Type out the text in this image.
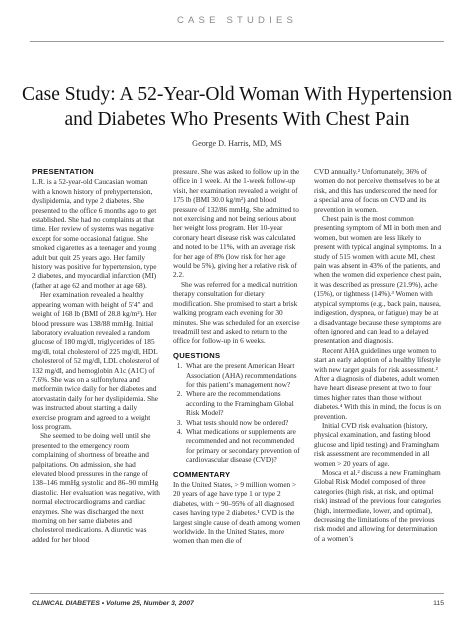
CASE STUDIES
Case Study: A 52-Year-Old Woman With Hypertension
and Diabetes Who Presents With Chest Pain
George D. Harris, MD, MS
PRESENTATION

L.R. is a 52-year-old Caucasian woman with a known history of prehypertension, dyslipidemia, and type 2 diabetes. She presented to the office 6 months ago to get established. She had no complaints at that time. Her review of systems was negative except for some occasional fatigue. She smoked cigarettes as a teenager and young adult but quit 25 years ago. Her family history was positive for hypertension, type 2 diabetes, and myocardial infarction (MI) (father at age 62 and mother at age 68).

Her examination revealed a healthy appearing woman with height of 5′4″ and weight of 168 lb (BMI of 28.8 kg/m²). Her blood pressure was 138/88 mmHg. Initial laboratory evaluation revealed a random glucose of 180 mg/dl, triglycerides of 185 mg/dl, total cholesterol of 225 mg/dl, HDL cholesterol of 52 mg/dl, LDL cholesterol of 132 mg/dl, and hemoglobin A1c (A1C) of 7.6%. She was on a sulfonylurea and metformin twice daily for her diabetes and atorvastatin daily for her dyslipidemia. She was instructed about starting a daily exercise program and agreed to a weight loss program.

She seemed to be doing well until she presented to the emergency room complaining of shortness of breathe and palpitations. On admission, she had elevated blood pressures in the range of 138–146 mmHg systolic and 86–90 mmHg diastolic. Her evaluation was negative, with normal electrocardiograms and cardiac enzymes. She was discharged the next morning on her same diabetes and cholesterol medications. A diuretic was added for her blood

pressure. She was asked to follow up in the office in 1 week. At the 1-week follow-up visit, her examination revealed a weight of 175 lb (BMI 30.0 kg/m²) and blood pressure of 132/86 mmHg. She admitted to not exercising and not being serious about her weight loss program. Her 10-year coronary heart disease risk was calculated and noted to be 11%, with an average risk for her age of 8% (low risk for her age would be 5%), giving her a relative risk of 2.2.

She was referred for a medical nutrition therapy consultation for dietary modification. She promised to start a brisk walking program each evening for 30 minutes. She was scheduled for an exercise treadmill test and asked to return to the office for follow-up in 6 weeks.

QUESTIONS
1. What are the present American Heart Association (AHA) recommendations for this patient’s management now?
2. Where are the recommendations according to the Framingham Global Risk Model?
3. What tests should now be ordered?
4. What medications or supplements are recommended and not recommended for primary or secondary prevention of cardiovascular disease (CVD)?
COMMENTARY

In the United States, > 9 million women > 20 years of age have type 1 or type 2 diabetes, with ~ 90–95% of all diagnosed cases having type 2 diabetes.¹ CVD is the largest single cause of death among women worldwide. In the United States, more women than men die of

CVD annually.² Unfortunately, 36% of women do not perceive themselves to be at risk, and this has underscored the need for a special area of focus on CVD and its prevention in women.

Chest pain is the most common presenting symptom of MI in both men and women, but women are less likely to present with typical anginal symptoms. In a study of 515 women with acute MI, chest pain was absent in 43% of the patients, and when the women did experience chest pain, it was described as pressure (21.9%), ache (15%), or tightness (14%).³ Women with atypical symptoms (e.g., back pain, nausea, indigestion, dyspnea, or fatigue) may be at a disadvantage because these symptoms are often ignored and can lead to a delayed presentation and diagnosis.

Recent AHA guidelines urge women to start an early adoption of a healthy lifestyle with new target goals for risk assessment.² After a diagnosis of diabetes, adult women have heart disease present at two to four times higher rates than those without diabetes.⁴ With this in mind, the focus is on prevention.

Initial CVD risk evaluation (history, physical examination, and fasting blood glucose and lipid testing) and Framingham risk assessment are recommended in all women > 20 years of age.

Mosca et al.² discuss a new Framingham Global Risk Model composed of three categories (high risk, at risk, and optimal risk) instead of the previous four categories (high, intermediate, lower, and optimal), decreasing the limitations of the previous risk model and allowing for determination of a women’s

CLINICAL DIABETES • Volume 25, Number 3, 2007	115
